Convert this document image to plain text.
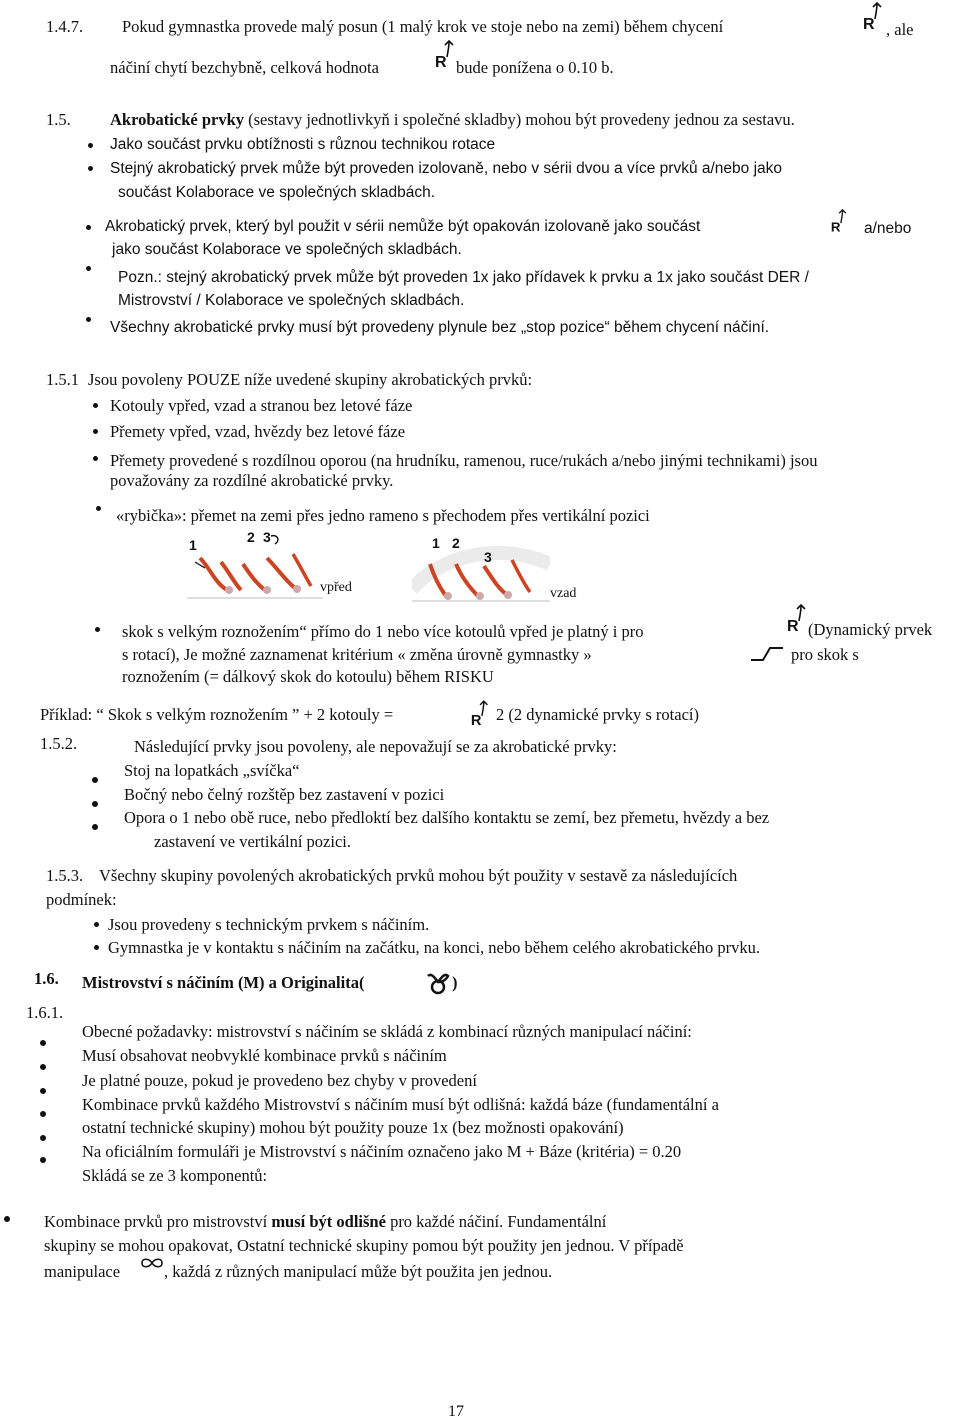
1.4.7. Pokud gymnastka provede malý posun (1 malý krok ve stoje nebo na zemi) během chycení	, ale
náčiní chytí bezchybně, celková hodnota	bude ponížena o 0.10 b.
1.5. Akrobatické prvky (sestavy jednotlivkyň i společné skladby) mohou být provedeny jednou za sestavu.
Jako součást prvku obtížnosti s různou technikou rotace
Stejný akrobatický prvek může být proveden izolovaně, nebo v sérii dvou a více prvků a/nebo jako
součást Kolaborace ve společných skladbách.
Akrobatický prvek, který byl použit v sérii nemůže být opakován izolovaně jako součást	a/nebo
jako součást Kolaborace ve společných skladbách.
Pozn.: stejný akrobatický prvek může být proveden 1x jako přídavek k prvku a 1x jako součást DER /
Mistrovství / Kolaborace ve společných skladbách.
Všechny akrobatické prvky musí být provedeny plynule bez „stop pozice“ během chycení náčiní.
1.5.1 Jsou povoleny POUZE níže uvedené skupiny akrobatických prvků:
Kotouly vpřed, vzad a stranou bez letové fáze
Přemety vpřed, vzad, hvězdy bez letové fáze
Přemety provedené s rozdílnou oporou (na hrudníku, ramenou, ruce/rukách a/nebo jinými technikami) jsou
považovány za rozdílné akrobatické prvky.
«rybička»: přemet na zemi přes jedno rameno s přechodem přes vertikální pozici
1	2 3
vpřed
1 2
3
vzad
skok s velkým roznožením“ přímo do 1 nebo více kotoulů vpřed je platný i pro	(Dynamický prvek
s rotací), Je možné zaznamenat kritérium « změna úrovně gymnastky »	pro skok s
roznožením (= dálkový skok do kotoulu) během RISKU
Příklad: “ Skok s velkým roznožením ” + 2 kotouly =	2 (2 dynamické prvky s rotací)
1.5.2.	Následující prvky jsou povoleny, ale nepovažují se za akrobatické prvky:
Stoj na lopatkách „svíčka“
Bočný nebo čelný rozštěp bez zastavení v pozici
Opora o 1 nebo obě ruce, nebo předloktí bez dalšího kontaktu se zemí, bez přemetu, hvězdy a bez
zastavení ve vertikální pozici.
1.5.3. Všechny skupiny povolených akrobatických prvků mohou být použity v sestavě za následujících
podmínek:
Jsou provedeny s technickým prvkem s náčiním.
Gymnastka je v kontaktu s náčiním na začátku, na konci, nebo během celého akrobatického prvku.
1.6. Mistrovství s náčiním (M) a Originalita(	)
1.6.1.
Obecné požadavky: mistrovství s náčiním se skládá z kombinací různých manipulací náčiní:
Musí obsahovat neobvyklé kombinace prvků s náčiním
Je platné pouze, pokud je provedeno bez chyby v provedení
Kombinace prvků každého Mistrovství s náčiním musí být odlišná: každá báze (fundamentální a
ostatní technické skupiny) mohou být použity pouze 1x (bez možnosti opakování)
Na oficiálním formuláři je Mistrovství s náčiním označeno jako M + Báze (kritéria) = 0.20
Skládá se ze 3 komponentů:
Kombinace prvků pro mistrovství musí být odlišné pro každé náčiní. Fundamentální
skupiny se mohou opakovat, Ostatní technické skupiny pomou být použity jen jednou. V případě
manipulace	, každá z různých manipulací může být použita jen jednou.
17
